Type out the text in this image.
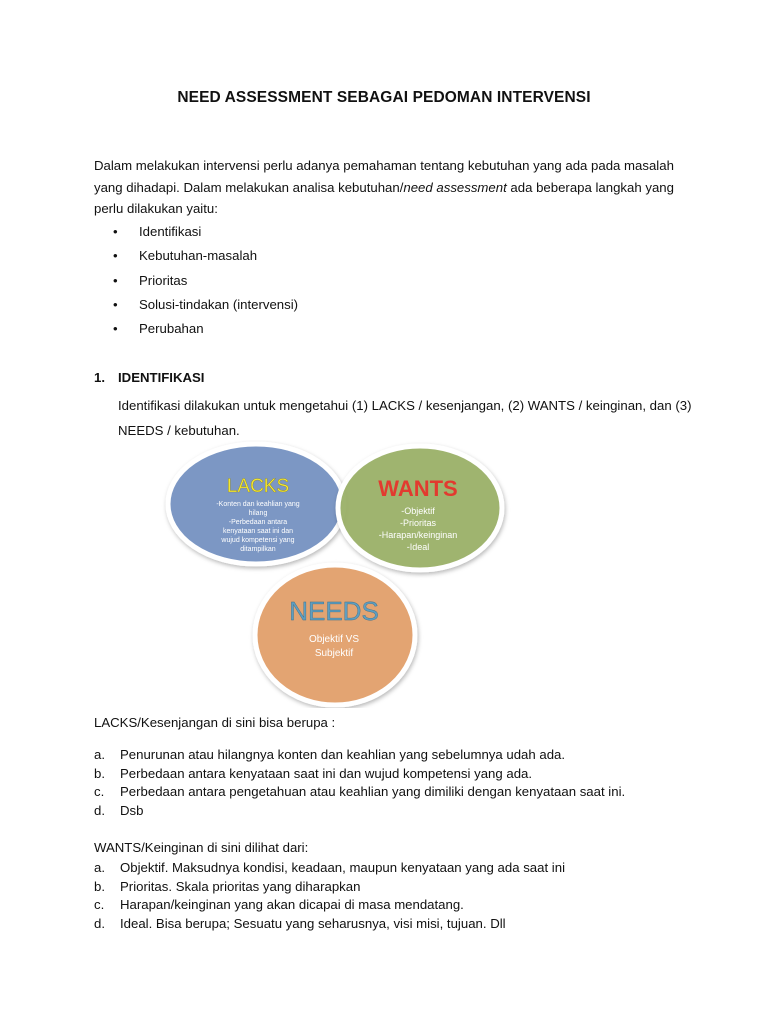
NEED ASSESSMENT SEBAGAI PEDOMAN INTERVENSI

Dalam melakukan intervensi perlu adanya pemahaman tentang kebutuhan yang ada pada masalah yang dihadapi. Dalam melakukan analisa kebutuhan/need assessment ada beberapa langkah yang perlu dilakukan yaitu:

• Identifikasi
• Kebutuhan-masalah
• Prioritas
• Solusi-tindakan (intervensi)
• Perubahan
1. IDENTIFIKASI

Identifikasi dilakukan untuk mengetahui (1) LACKS / kesenjangan, (2) WANTS / keinginan, dan (3) NEEDS / kebutuhan.

LACKS
-Konten dan keahlian yang
hilang
-Perbedaan antara
kenyataan saat ini dan
wujud kompetensi yang
ditampilkan
WANTS
-Objektif
-Prioritas
-Harapan/keinginan
-Ideal
NEEDS
Objektif VS
Subjektif
LACKS/Kesenjangan di sini bisa berupa :
a. Penurunan atau hilangnya konten dan keahlian yang sebelumnya udah ada.
b. Perbedaan antara kenyataan saat ini dan wujud kompetensi yang ada.
c. Perbedaan antara pengetahuan atau keahlian yang dimiliki dengan kenyataan saat ini.
d. Dsb
WANTS/Keinginan di sini dilihat dari:
a. Objektif. Maksudnya kondisi, keadaan, maupun kenyataan yang ada saat ini
b. Prioritas. Skala prioritas yang diharapkan
c. Harapan/keinginan yang akan dicapai di masa mendatang.
d. Ideal. Bisa berupa; Sesuatu yang seharusnya, visi misi, tujuan. Dll
